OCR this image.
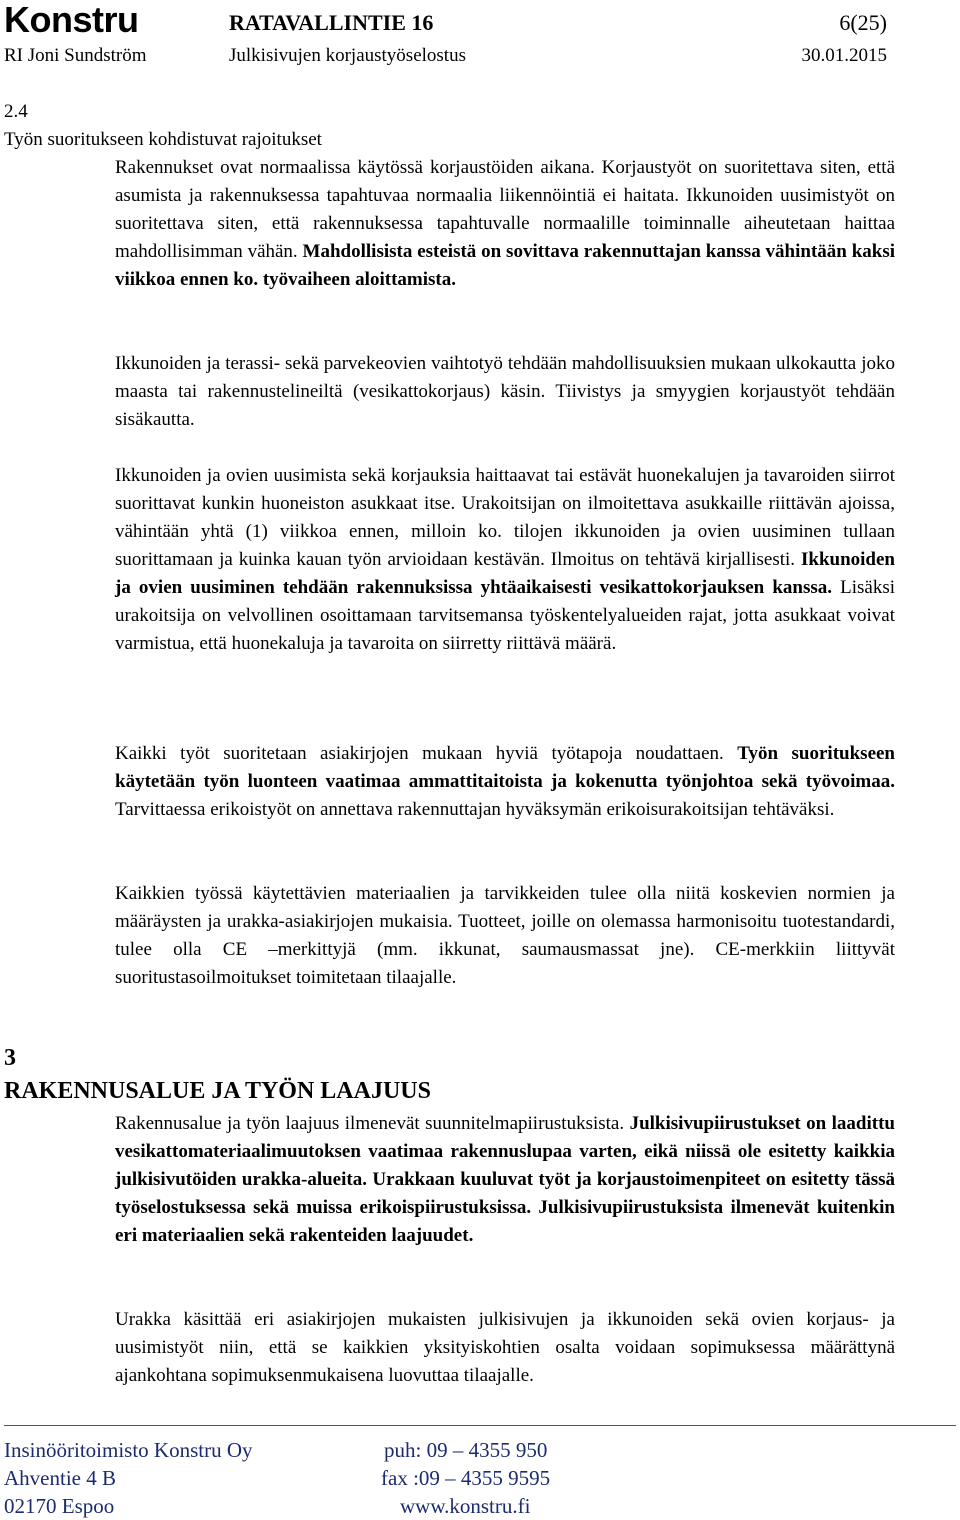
Konstru	RATAVALLINTIE 16	6(25)
RI Joni Sundström	Julkisivujen korjaustyöselostus	30.01.2015
2.4
Työn suoritukseen kohdistuvat rajoitukset
Rakennukset ovat normaalissa käytössä korjaustöiden aikana. Korjaustyöt on suoritettava siten, että asumista ja rakennuksessa tapahtuvaa normaalia liikennöintiä ei haitata. Ikkunoiden uusimistyöt on suoritettava siten, että rakennuksessa tapahtuvalle normaalille toiminnalle aiheutetaan haittaa mahdollisimman vähän. Mahdollisista esteistä on sovittava rakennuttajan kanssa vähintään kaksi viikkoa ennen ko. työvaiheen aloittamista.
Ikkunoiden ja terassi- sekä parvekeovien vaihtotyö tehdään mahdollisuuksien mukaan ulkokautta joko maasta tai rakennustelineiltä (vesikattokorjaus) käsin. Tiivistys ja smyygien korjaustyöt tehdään sisäkautta.
Ikkunoiden ja ovien uusimista sekä korjauksia haittaavat tai estävät huonekalujen ja tavaroiden siirrot suorittavat kunkin huoneiston asukkaat itse. Urakoitsijan on ilmoitettava asukkaille riittävän ajoissa, vähintään yhtä (1) viikkoa ennen, milloin ko. tilojen ikkunoiden ja ovien uusiminen tullaan suorittamaan ja kuinka kauan työn arvioidaan kestävän. Ilmoitus on tehtävä kirjallisesti. Ikkunoiden ja ovien uusiminen tehdään rakennuksissa yhtäaikaisesti vesikattokorjauksen kanssa. Lisäksi urakoitsija on velvollinen osoittamaan tarvitsemansa työskentelyalueiden rajat, jotta asukkaat voivat varmistua, että huonekaluja ja tavaroita on siirretty riittävä määrä.
Kaikki työt suoritetaan asiakirjojen mukaan hyviä työtapoja noudattaen. Työn suoritukseen käytetään työn luonteen vaatimaa ammattitaitoista ja kokenutta työnjohtoa sekä työvoimaa. Tarvittaessa erikoistyöt on annettava rakennuttajan hyväksymän erikoisurakoitsijan tehtäväksi.
Kaikkien työssä käytettävien materiaalien ja tarvikkeiden tulee olla niitä koskevien normien ja määräysten ja urakka-asiakirjojen mukaisia. Tuotteet, joille on olemassa harmonisoitu tuotestandardi, tulee olla CE –merkittyjä (mm. ikkunat, saumausmassat jne). CE-merkkiin liittyvät suoritustasoilmoitukset toimitetaan tilaajalle.
3
RAKENNUSALUE JA TYÖN LAAJUUS
Rakennusalue ja työn laajuus ilmenevät suunnitelmapiirustuksista. Julkisivupiirustukset on laadittu vesikattomateriaalimuutoksen vaatimaa rakennuslupaa varten, eikä niissä ole esitetty kaikkia julkisivutöiden urakka-alueita. Urakkaan kuuluvat työt ja korjaustoimenpiteet on esitetty tässä työselostuksessa sekä muissa erikoispiirustuksissa. Julkisivupiirustuksista ilmenevät kuitenkin eri materiaalien sekä rakenteiden laajuudet.
Urakka käsittää eri asiakirjojen mukaisten julkisivujen ja ikkunoiden sekä ovien korjaus- ja uusimistyöt niin, että se kaikkien yksityiskohtien osalta voidaan sopimuksessa määrättynä ajankohtana sopimuksenmukaisena luovuttaa tilaajalle.
Insinööritoimisto Konstru Oy
Ahventie 4 B
02170 Espoo
puh: 09 – 4355 950
fax :09 – 4355 9595
www.konstru.fi
